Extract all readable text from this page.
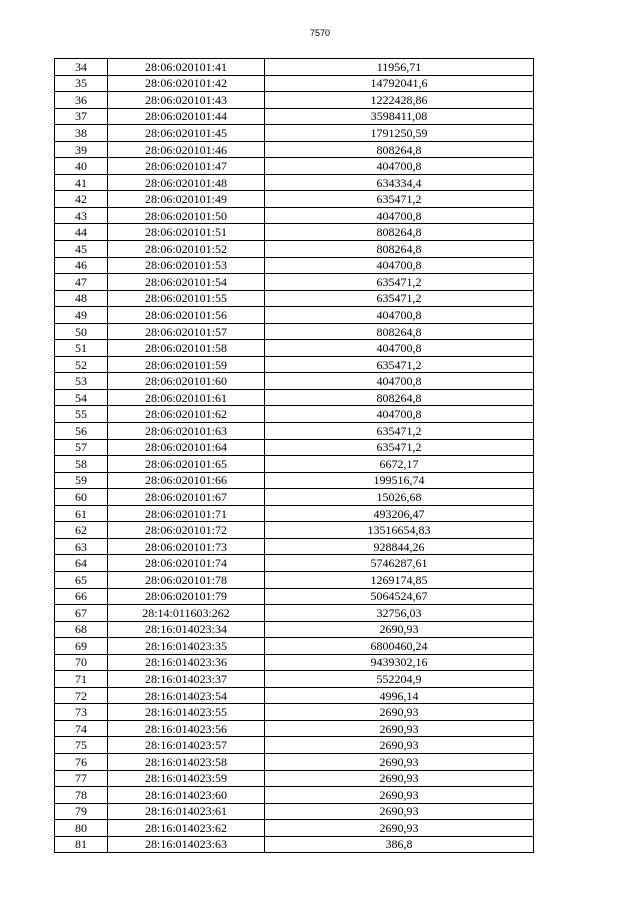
7570
34	28:06:020101:41	11956,71
35	28:06:020101:42	14792041,6
36	28:06:020101:43	1222428,86
37	28:06:020101:44	3598411,08
38	28:06:020101:45	1791250,59
39	28:06:020101:46	808264,8
40	28:06:020101:47	404700,8
41	28:06:020101:48	634334,4
42	28:06:020101:49	635471,2
43	28:06:020101:50	404700,8
44	28:06:020101:51	808264,8
45	28:06:020101:52	808264,8
46	28:06:020101:53	404700,8
47	28:06:020101:54	635471,2
48	28:06:020101:55	635471,2
49	28:06:020101:56	404700,8
50	28:06:020101:57	808264,8
51	28:06:020101:58	404700,8
52	28:06:020101:59	635471,2
53	28:06:020101:60	404700,8
54	28:06:020101:61	808264,8
55	28:06:020101:62	404700,8
56	28:06:020101:63	635471,2
57	28:06:020101:64	635471,2
58	28:06:020101:65	6672,17
59	28:06:020101:66	199516,74
60	28:06:020101:67	15026,68
61	28:06:020101:71	493206,47
62	28:06:020101:72	13516654,83
63	28:06:020101:73	928844,26
64	28:06:020101:74	5746287,61
65	28:06:020101:78	1269174,85
66	28:06:020101:79	5064524,67
67	28:14:011603:262	32756,03
68	28:16:014023:34	2690,93
69	28:16:014023:35	6800460,24
70	28:16:014023:36	9439302,16
71	28:16:014023:37	552204,9
72	28:16:014023:54	4996,14
73	28:16:014023:55	2690,93
74	28:16:014023:56	2690,93
75	28:16:014023:57	2690,93
76	28:16:014023:58	2690,93
77	28:16:014023:59	2690,93
78	28:16:014023:60	2690,93
79	28:16:014023:61	2690,93
80	28:16:014023:62	2690,93
81	28:16:014023:63	386,8
